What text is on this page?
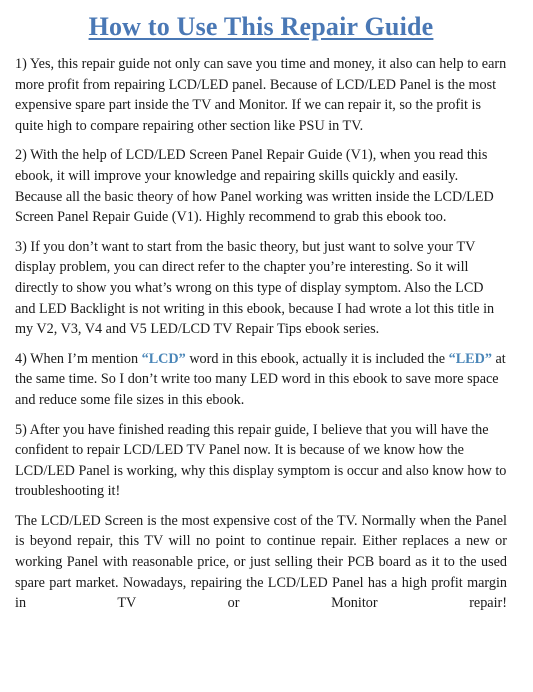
How to Use This Repair Guide

1) Yes, this repair guide not only can save you time and money, it also can help to earn more profit from repairing LCD/LED panel. Because of LCD/LED Panel is the most expensive spare part inside the TV and Monitor. If we can repair it, so the profit is quite high to compare repairing other section like PSU in TV.

2) With the help of LCD/LED Screen Panel Repair Guide (V1), when you read this ebook, it will improve your knowledge and repairing skills quickly and easily. Because all the basic theory of how Panel working was written inside the LCD/LED Screen Panel Repair Guide (V1). Highly recommend to grab this ebook too.

3) If you don’t want to start from the basic theory, but just want to solve your TV display problem, you can direct refer to the chapter you’re interesting. So it will directly to show you what’s wrong on this type of display symptom. Also the LCD and LED Backlight is not writing in this ebook, because I had wrote a lot this title in my V2, V3, V4 and V5 LED/LCD TV Repair Tips ebook series.

4) When I’m mention “LCD” word in this ebook, actually it is included the “LED” at the same time. So I don’t write too many LED word in this ebook to save more space and reduce some file sizes in this ebook.

5) After you have finished reading this repair guide, I believe that you will have the confident to repair LCD/LED TV Panel now. It is because of we know how the LCD/LED Panel is working, why this display symptom is occur and also know how to troubleshooting it!

The LCD/LED Screen is the most expensive cost of the TV. Normally when the Panel is beyond repair, this TV will no point to continue repair. Either replaces a new or working Panel with reasonable price, or just selling their PCB board as it to the used spare part market. Nowadays, repairing the LCD/LED Panel has a high profit margin in TV or Monitor repair!
